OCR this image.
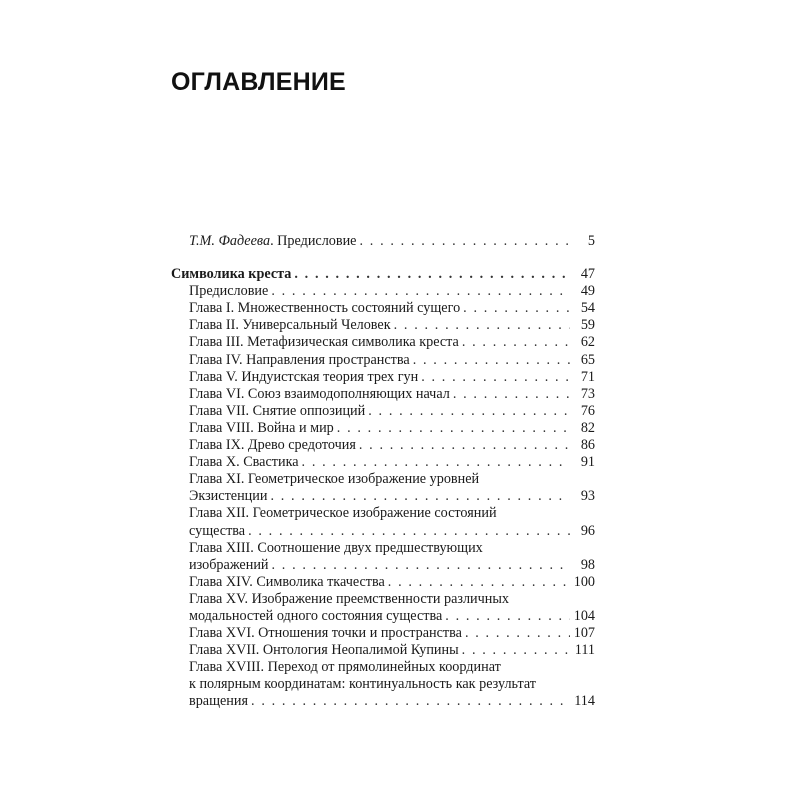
ОГЛАВЛЕНИЕ
Т.М. Фадеева. Предисловие . . .	5
Символика креста . . .	47
Предисловие . . .	49
Глава I. Множественность состояний сущего . . .	54
Глава II. Универсальный Человек . . .	59
Глава III. Метафизическая символика креста . . .	62
Глава IV. Направления пространства . . .	65
Глава V. Индуистская теория трех гун . . .	71
Глава VI. Союз взаимодополняющих начал . . .	73
Глава VII. Снятие оппозиций . . .	76
Глава VIII. Война и мир . . .	82
Глава IX. Древо средоточия . . .	86
Глава X. Свастика . . .	91
Глава XI. Геометрическое изображение уровней
Экзистенции . . .	93
Глава XII. Геометрическое изображение состояний
существа . . .	96
Глава XIII. Соотношение двух предшествующих
изображений . . .	98
Глава XIV. Символика ткачества . . .	100
Глава XV. Изображение преемственности различных
модальностей одного состояния существа . . .	104
Глава XVI. Отношения точки и пространства . . .	107
Глава XVII. Онтология Неопалимой Купины . . .	111
Глава XVIII. Переход от прямолинейных координат
к полярным координатам: континуальность как результат
вращения . . .	114
